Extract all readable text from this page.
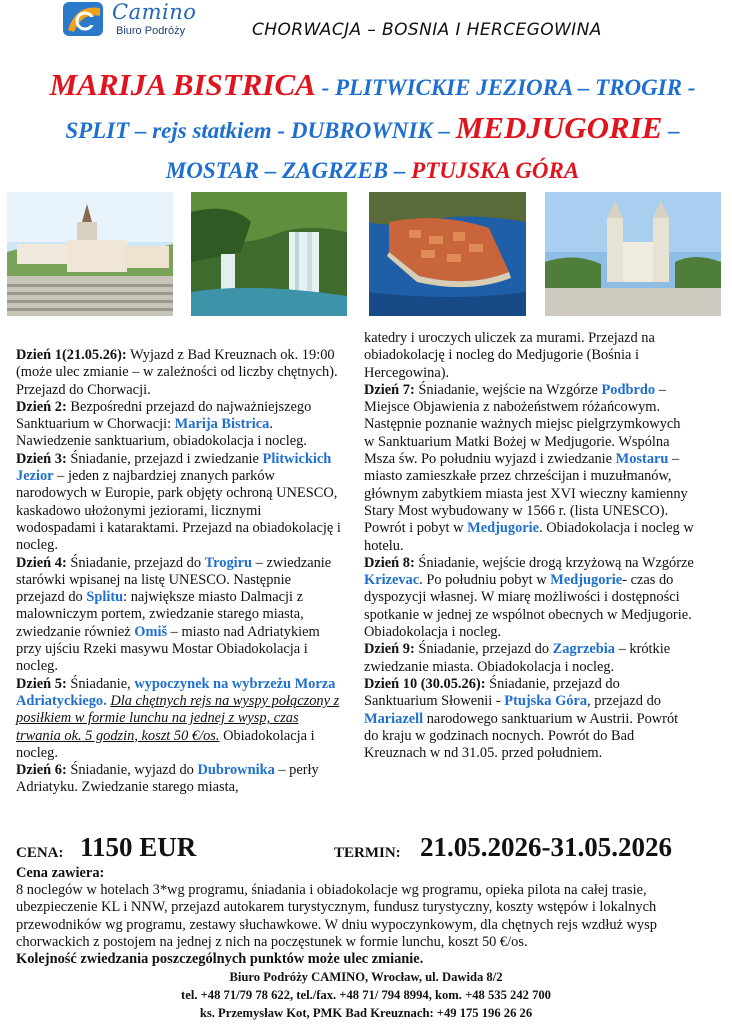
Camino
Biuro Podróży	CHORWACJA – BOSNIA I HERCEGOWINA
MARIJA BISTRICA - PLITWICKIE JEZIORA – TROGIR -
SPLIT – rejs statkiem - DUBROWNIK – MEDJUGORIE –
MOSTAR – ZAGRZEB – PTUJSKA GÓRA

Dzień 1(21.05.26): Wyjazd z Bad Kreuznach ok. 19:00 (może ulec zmianie – w zależności od liczby chętnych). Przejazd do Chorwacji.

Dzień 2: Bezpośredni przejazd do najważniejszego Sanktuarium w Chorwacji: Marija Bistrica. Nawiedzenie sanktuarium, obiadokolacja i nocleg.

Dzień 3: Śniadanie, przejazd i zwiedzanie Plitwickich Jezior – jeden z najbardziej znanych parków narodowych w Europie, park objęty ochroną UNESCO, kaskadowo ułożonymi jeziorami, licznymi wodospadami i kataraktami. Przejazd na obiadokolację i nocleg.

Dzień 4: Śniadanie, przejazd do Trogiru – zwiedzanie starówki wpisanej na listę UNESCO. Następnie przejazd do Splitu: największe miasto Dalmacji z malowniczym portem, zwiedzanie starego miasta, zwiedzanie również Omiš – miasto nad Adriatykiem przy ujściu Rzeki masywu Mostar Obiadokolacja i nocleg.

Dzień 5: Śniadanie, wypoczynek na wybrzeżu Morza Adriatyckiego. Dla chętnych rejs na wyspy połączony z posiłkiem w formie lunchu na jednej z wysp, czas trwania ok. 5 godzin, koszt 50 €/os. Obiadokolacja i nocleg.

Dzień 6: Śniadanie, wyjazd do Dubrownika – perły Adriatyku. Zwiedzanie starego miasta,

katedry i uroczych uliczek za murami. Przejazd na obiadokolację i nocleg do Medjugorie (Bośnia i Hercegowina).

Dzień 7: Śniadanie, wejście na Wzgórze Podbrdo – Miejsce Objawienia z nabożeństwem różańcowym. Następnie poznanie ważnych miejsc pielgrzymkowych w Sanktuarium Matki Bożej w Medjugorie. Wspólna Msza św. Po południu wyjazd i zwiedzanie Mostaru – miasto zamieszkałe przez chrześcijan i muzułmanów, głównym zabytkiem miasta jest XVI wieczny kamienny Stary Most wybudowany w 1566 r. (lista UNESCO). Powrót i pobyt w Medjugorie. Obiadokolacja i nocleg w hotelu.

Dzień 8: Śniadanie, wejście drogą krzyżową na Wzgórze Krizevac. Po południu pobyt w Medjugorie- czas do dyspozycji własnej. W miarę możliwości i dostępności spotkanie w jednej ze wspólnot obecnych w Medjugorie. Obiadokolacja i nocleg.

Dzień 9: Śniadanie, przejazd do Zagrzebia – krótkie zwiedzanie miasta. Obiadokolacja i nocleg.

Dzień 10 (30.05.26): Śniadanie, przejazd do Sanktuarium Słowenii - Ptujska Góra, przejazd do Mariazell narodowego sanktuarium w Austrii. Powrót do kraju w godzinach nocnych. Powrót do Bad Kreuznach w nd 31.05. przed południem.

CENA: 1150 EUR	TERMIN: 21.05.2026-31.05.2026

Cena zawiera:

8 noclegów w hotelach 3*wg programu, śniadania i obiadokolacje wg programu, opieka pilota na całej trasie, ubezpieczenie KL i NNW, przejazd autokarem turystycznym, fundusz turystyczny, koszty wstępów i lokalnych przewodników wg programu, zestawy słuchawkowe. W dniu wypoczynkowym, dla chętnych rejs wzdłuż wysp chorwackich z postojem na jednej z nich na poczęstunek w formie lunchu, koszt 50 €/os.

Kolejność zwiedzania poszczególnych punktów może ulec zmianie.

Biuro Podróży CAMINO, Wrocław, ul. Dawida 8/2
tel. +48 71/79 78 622, tel./fax. +48 71/ 794 8994, kom. +48 535 242 700
ks. Przemysław Kot, PMK Bad Kreuznach: +49 175 196 26 26
